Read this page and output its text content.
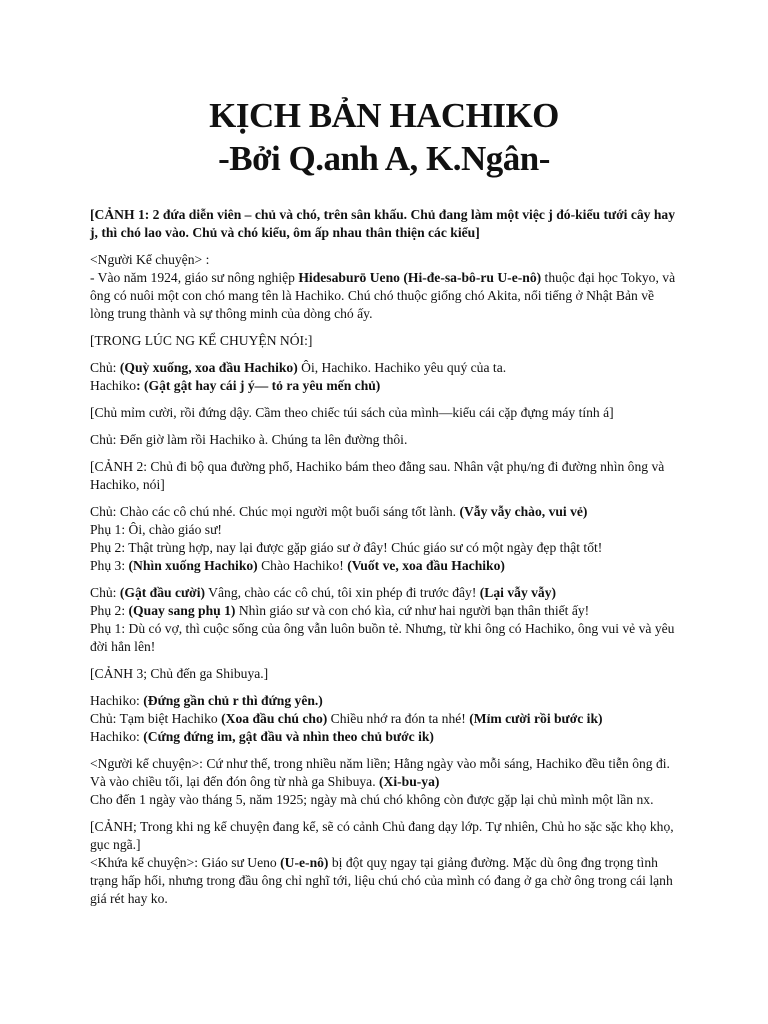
KỊCH BẢN HACHIKO
-Bởi Q.anh A, K.Ngân-

[CẢNH 1: 2 đứa diễn viên – chủ và chó, trên sân khấu. Chủ đang làm một việc j đó-kiểu tưới cây hay j, thì chó lao vào. Chủ và chó kiểu, ôm ấp nhau thân thiện các kiểu]

<Người Kể chuyện> :
- Vào năm 1924, giáo sư nông nghiệp Hidesaburō Ueno (Hi-đe-sa-bô-ru U-e-nô) thuộc đại học Tokyo, và ông có nuôi một con chó mang tên là Hachiko. Chú chó thuộc giống chó Akita, nổi tiếng ở Nhật Bản về lòng trung thành và sự thông minh của dòng chó ấy.

[TRONG LÚC NG KỂ CHUYỆN NÓI:]

Chủ: (Quỳ xuống, xoa đầu Hachiko) Ôi, Hachiko. Hachiko yêu quý của ta.
Hachiko: (Gật gật hay cái j ý— tỏ ra yêu mến chủ)

[Chủ mỉm cười, rồi đứng dậy. Cầm theo chiếc túi sách của mình—kiểu cái cặp đựng máy tính á]

Chủ: Đến giờ làm rồi Hachiko à. Chúng ta lên đường thôi.

[CẢNH 2: Chủ đi bộ qua đường phố, Hachiko bám theo đằng sau. Nhân vật phụ/ng đi đường nhìn ông và Hachiko, nói]

Chủ: Chào các cô chú nhé. Chúc mọi người một buổi sáng tốt lành. (Vẫy vẫy chào, vui vẻ)
Phụ 1: Ôi, chào giáo sư!
Phụ 2: Thật trùng hợp, nay lại được gặp giáo sư ở đây! Chúc giáo sư có một ngày đẹp thật tốt!
Phụ 3: (Nhìn xuống Hachiko) Chào Hachiko! (Vuốt ve, xoa đầu Hachiko)

Chủ: (Gật đầu cười) Vâng, chào các cô chú, tôi xin phép đi trước đây! (Lại vẫy vẫy)
Phụ 2: (Quay sang phụ 1) Nhìn giáo sư và con chó kìa, cứ như hai người bạn thân thiết ấy!
Phụ 1: Dù có vợ, thì cuộc sống của ông vẫn luôn buồn tẻ. Nhưng, từ khi ông có Hachiko, ông vui vẻ và yêu đời hẳn lên!

[CẢNH 3; Chủ đến ga Shibuya.]

Hachiko: (Đứng gần chủ r thì đứng yên.)
Chủ: Tạm biệt Hachiko (Xoa đầu chú cho) Chiều nhớ ra đón ta nhé! (Mỉm cười rồi bước ik)
Hachiko: (Cứng đứng im, gật đầu và nhìn theo chủ bước ik)

<Người kể chuyện>: Cứ như thế, trong nhiều năm liền; Hằng ngày vào mỗi sáng, Hachiko đều tiễn ông đi. Và vào chiều tối, lại đến đón ông từ nhà ga Shibuya. (Xi-bu-ya)
Cho đến 1 ngày vào tháng 5, năm 1925; ngày mà chú chó không còn được gặp lại chủ mình một lần nx.

[CẢNH; Trong khi ng kể chuyện đang kể, sẽ có cảnh Chủ đang dạy lớp. Tự nhiên, Chủ ho sặc sặc khọ khọ, gục ngã.]
<Khứa kể chuyện>: Giáo sư Ueno (U-e-nô) bị đột quỵ ngay tại giảng đường. Mặc dù ông đng trọng tình trạng hấp hối, nhưng trong đầu ông chỉ nghĩ tới, liệu chú chó của mình có đang ở ga chờ ông trong cái lạnh giá rét hay ko.
